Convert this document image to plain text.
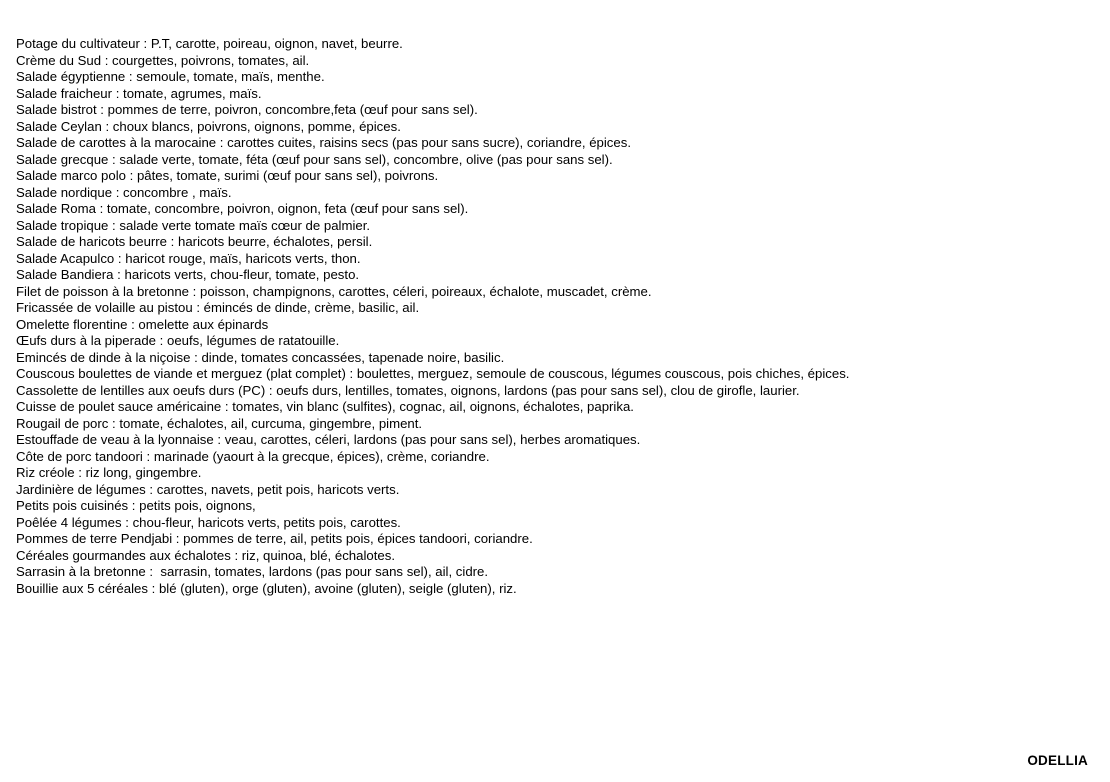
Potage du cultivateur : P.T, carotte, poireau, oignon, navet, beurre.
Crème du Sud : courgettes, poivrons, tomates, ail.
Salade égyptienne : semoule, tomate, maïs, menthe.
Salade fraicheur : tomate, agrumes, maïs.
Salade bistrot : pommes de terre, poivron, concombre,feta (œuf pour sans sel).
Salade Ceylan : choux blancs, poivrons, oignons, pomme, épices.
Salade de carottes à la marocaine : carottes cuites, raisins secs (pas pour sans sucre), coriandre, épices.
Salade grecque : salade verte, tomate, féta (œuf pour sans sel), concombre, olive (pas pour sans sel).
Salade marco polo : pâtes, tomate, surimi (œuf pour sans sel), poivrons.
Salade nordique : concombre , maïs.
Salade Roma : tomate, concombre, poivron, oignon, feta (œuf pour sans sel).
Salade tropique : salade verte tomate maïs cœur de palmier.
Salade de haricots beurre : haricots beurre, échalotes, persil.
Salade Acapulco : haricot rouge, maïs, haricots verts, thon.
Salade Bandiera : haricots verts, chou-fleur, tomate, pesto.
Filet de poisson à la bretonne : poisson, champignons, carottes, céleri, poireaux, échalote, muscadet, crème.
Fricassée de volaille au pistou : émincés de dinde, crème, basilic, ail.
Omelette florentine : omelette aux épinards
Œufs durs à la piperade : oeufs, légumes de ratatouille.
Emincés de dinde à la niçoise : dinde, tomates concassées, tapenade noire, basilic.
Couscous boulettes de viande et merguez (plat complet) : boulettes, merguez, semoule de couscous, légumes couscous, pois chiches, épices.
Cassolette de lentilles aux oeufs durs (PC) : oeufs durs, lentilles, tomates, oignons, lardons (pas pour sans sel), clou de girofle, laurier.
Cuisse de poulet sauce américaine : tomates, vin blanc (sulfites), cognac, ail, oignons, échalotes, paprika.
Rougail de porc : tomate, échalotes, ail, curcuma, gingembre, piment.
Estouffade de veau à la lyonnaise : veau, carottes, céleri, lardons (pas pour sans sel), herbes aromatiques.
Côte de porc tandoori : marinade (yaourt à la grecque, épices), crème, coriandre.
Riz créole : riz long, gingembre.
Jardinière de légumes : carottes, navets, petit pois, haricots verts.
Petits pois cuisinés : petits pois, oignons,
Poêlée 4 légumes : chou-fleur, haricots verts, petits pois, carottes.
Pommes de terre Pendjabi : pommes de terre, ail, petits pois, épices tandoori, coriandre.
Céréales gourmandes aux échalotes : riz, quinoa, blé, échalotes.
Sarrasin à la bretonne :  sarrasin, tomates, lardons (pas pour sans sel), ail, cidre.
Bouillie aux 5 céréales : blé (gluten), orge (gluten), avoine (gluten), seigle (gluten), riz.
ODELLIA
